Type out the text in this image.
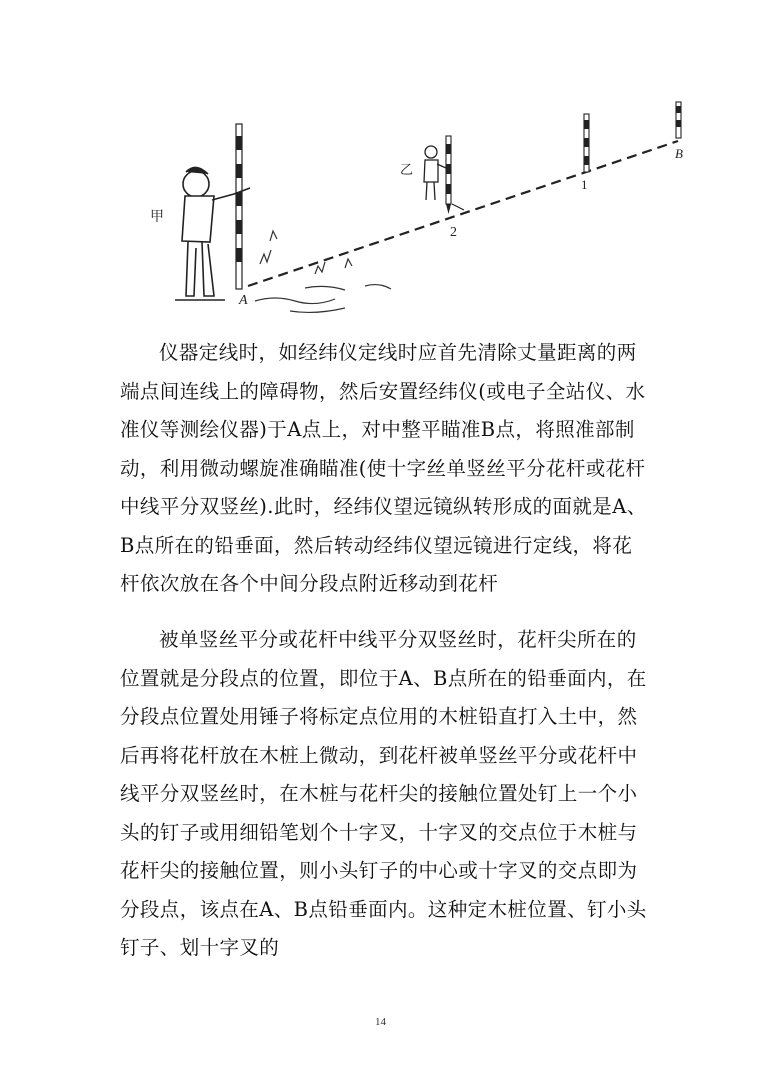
甲
A
乙
2
1
B

仪器定线时，如经纬仪定线时应首先清除丈量距离的两端点间连线上的障碍物，然后安置经纬仪(或电子全站仪、水准仪等测绘仪器)于A点上，对中整平瞄准B点，将照准部制动，利用微动螺旋准确瞄准(使十字丝单竖丝平分花杆或花杆中线平分双竖丝).此时，经纬仪望远镜纵转形成的面就是A、B点所在的铅垂面，然后转动经纬仪望远镜进行定线，将花杆依次放在各个中间分段点附近移动到花杆

被单竖丝平分或花杆中线平分双竖丝时，花杆尖所在的位置就是分段点的位置，即位于A、B点所在的铅垂面内，在分段点位置处用锤子将标定点位用的木桩铅直打入土中，然后再将花杆放在木桩上微动，到花杆被单竖丝平分或花杆中线平分双竖丝时，在木桩与花杆尖的接触位置处钉上一个小头的钉子或用细铅笔划个十字叉，十字叉的交点位于木桩与花杆尖的接触位置，则小头钉子的中心或十字叉的交点即为分段点，该点在A、B点铅垂面内。这种定木桩位置、钉小头钉子、划十字叉的

14
